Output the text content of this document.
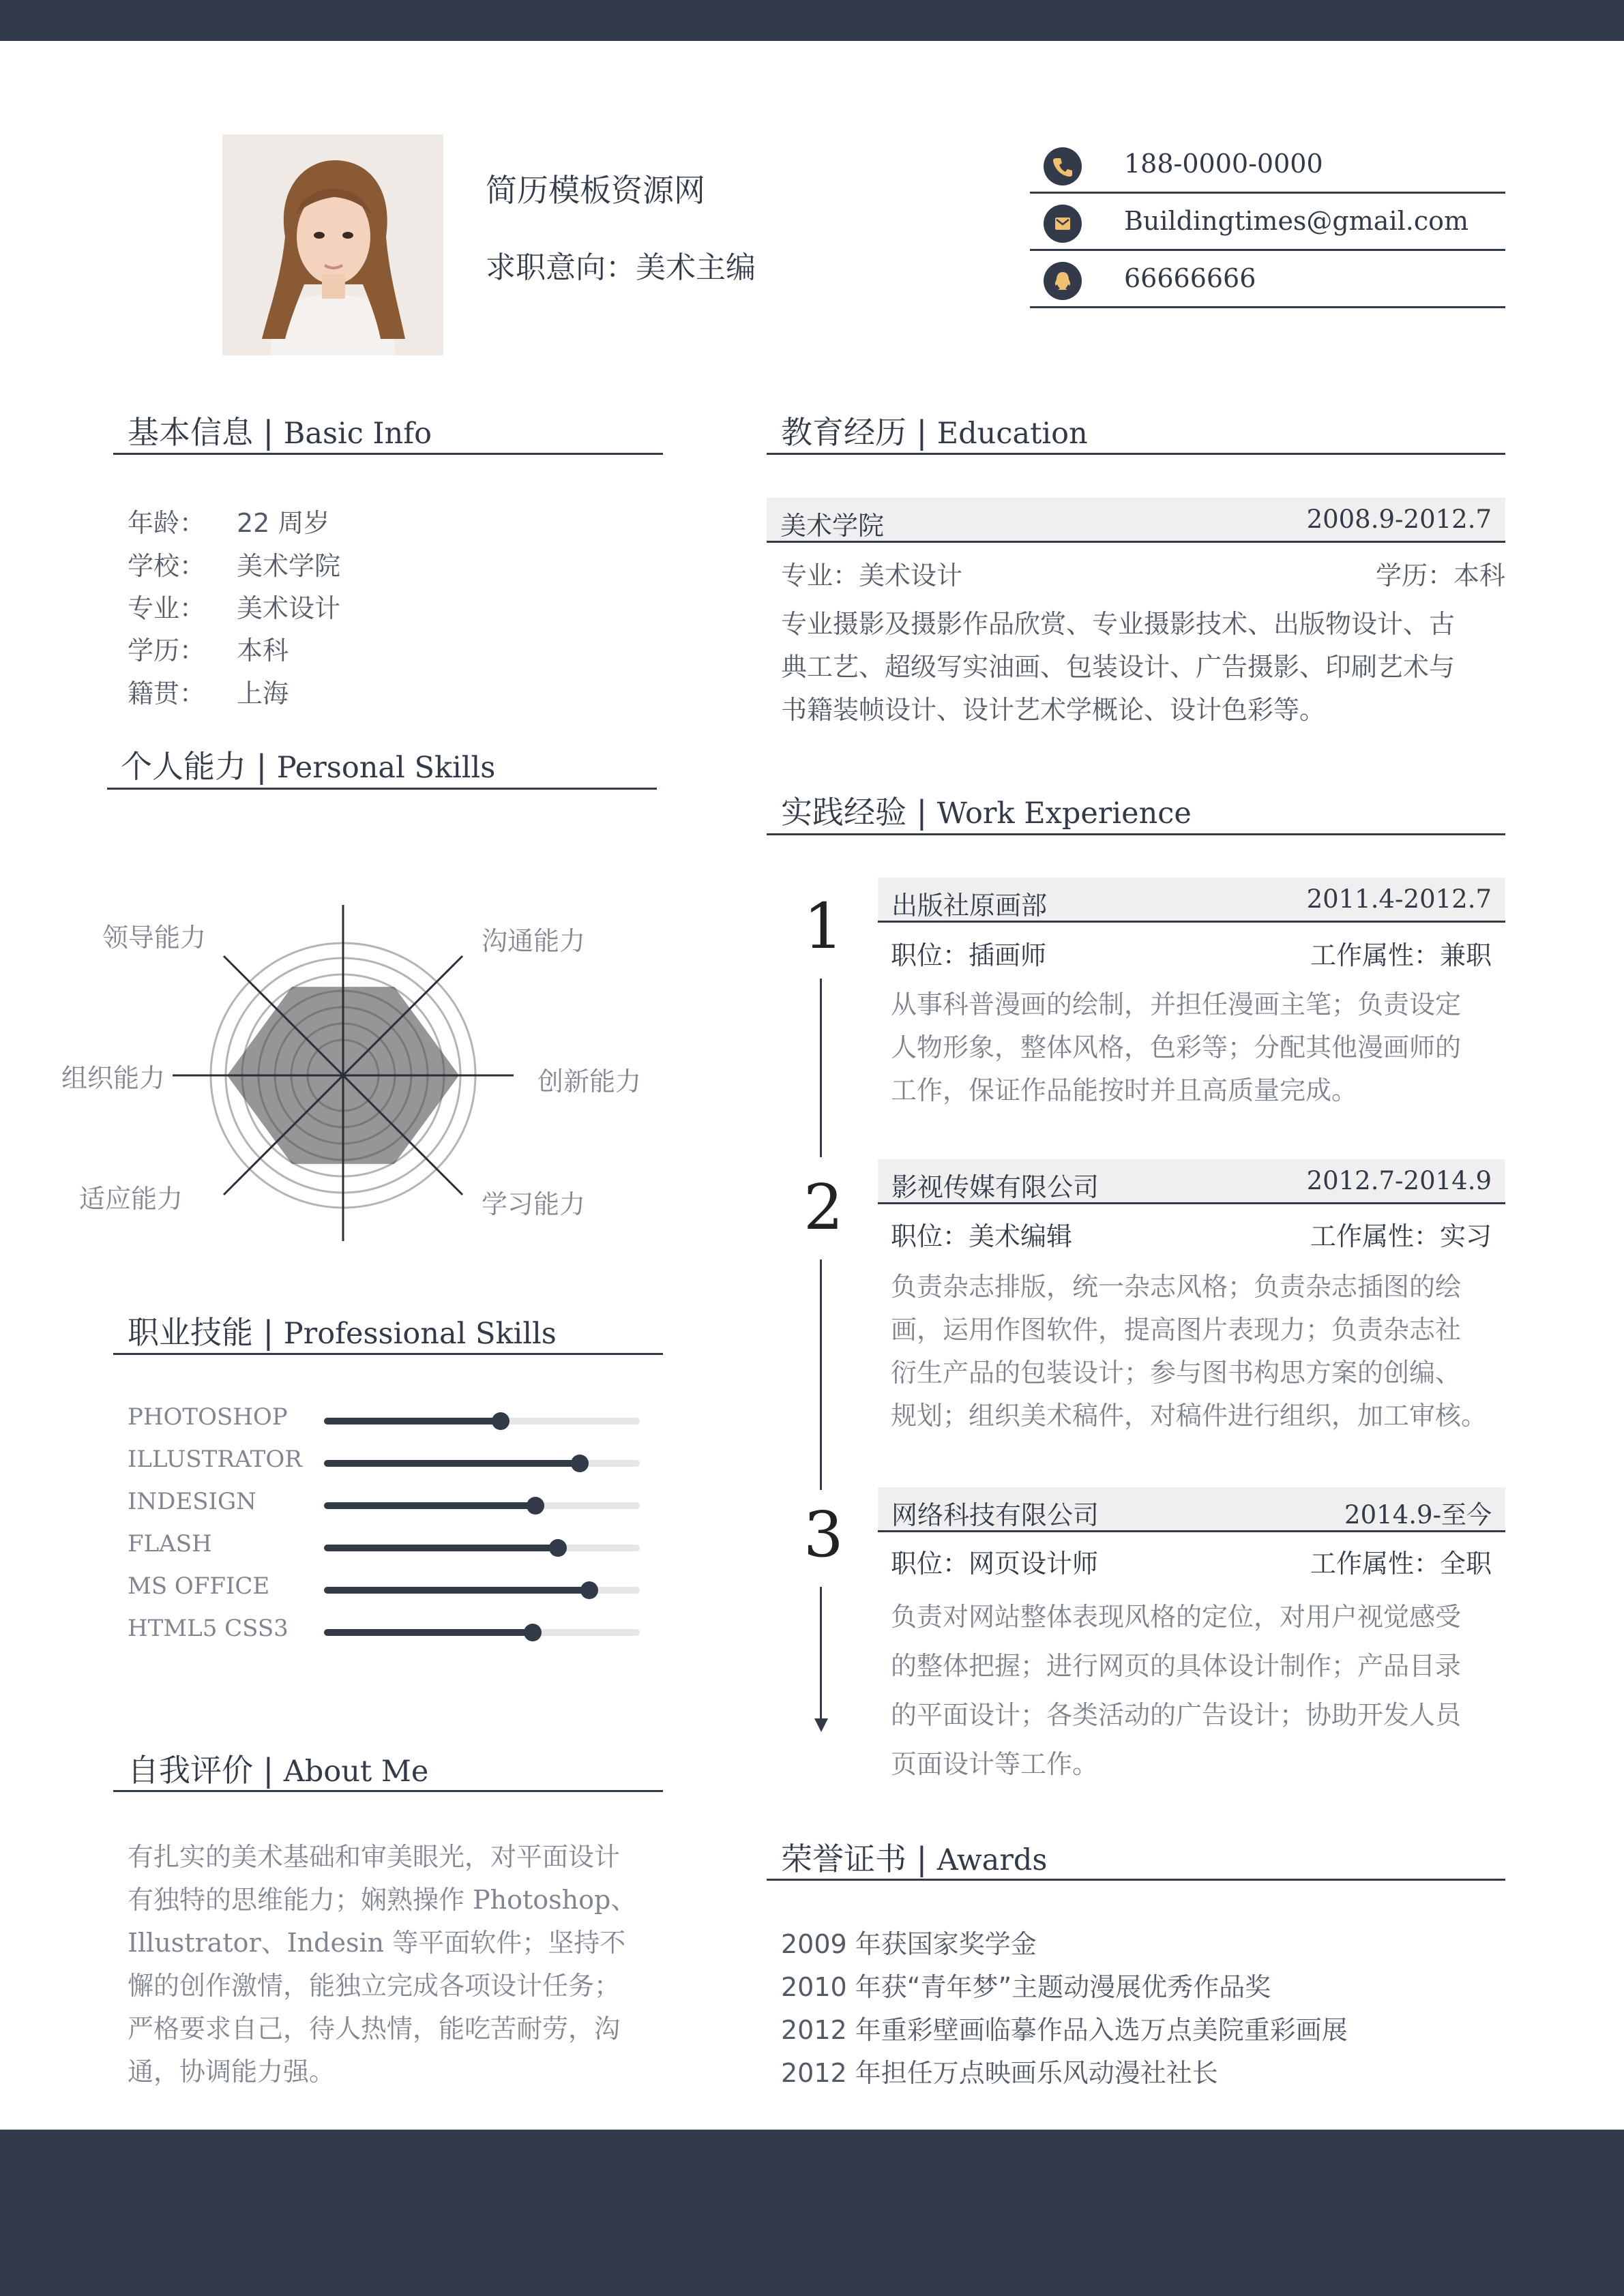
简历模板资源网
求职意向：美术主编
188-0000-0000
Buildingtimes@gmail.com
66666666
基本信息 | Basic Info
年龄： 22 周岁
学校： 美术学院
专业： 美术设计
学历： 本科
籍贯： 上海
个人能力 | Personal Skills
领导能力	沟通能力
组织能力	创新能力
适应能力	学习能力
职业技能 | Professional Skills
PHOTOSHOP
ILLUSTRATOR
INDESIGN
FLASH
MS OFFICE
HTML5 CSS3
自我评价 | About Me
有扎实的美术基础和审美眼光，对平面设计
有独特的思维能力；娴熟操作 Photoshop、
Illustrator、Indesin 等平面软件；坚持不
懈的创作激情，能独立完成各项设计任务；
严格要求自己，待人热情，能吃苦耐劳，沟
通，协调能力强。
教育经历 | Education
美术学院	2008.9-2012.7
专业：美术设计	学历：本科
专业摄影及摄影作品欣赏、专业摄影技术、出版物设计、古
典工艺、超级写实油画、包装设计、广告摄影、印刷艺术与
书籍装帧设计、设计艺术学概论、设计色彩等。
实践经验 | Work Experience
1
2
3
出版社原画部	2011.4-2012.7
职位：插画师	工作属性：兼职
从事科普漫画的绘制，并担任漫画主笔；负责设定
人物形象，整体风格，色彩等；分配其他漫画师的
工作，保证作品能按时并且高质量完成。
影视传媒有限公司	2012.7-2014.9
职位：美术编辑	工作属性：实习
负责杂志排版，统一杂志风格；负责杂志插图的绘
画，运用作图软件，提高图片表现力；负责杂志社
衍生产品的包装设计；参与图书构思方案的创编、
规划；组织美术稿件，对稿件进行组织，加工审核。
网络科技有限公司	2014.9-至今
职位：网页设计师	工作属性：全职
负责对网站整体表现风格的定位，对用户视觉感受
的整体把握；进行网页的具体设计制作；产品目录
的平面设计；各类活动的广告设计；协助开发人员
页面设计等工作。
荣誉证书 | Awards
2009 年获国家奖学金
2010 年获“青年梦”主题动漫展优秀作品奖
2012 年重彩壁画临摹作品入选万点美院重彩画展
2012 年担任万点映画乐风动漫社社长
